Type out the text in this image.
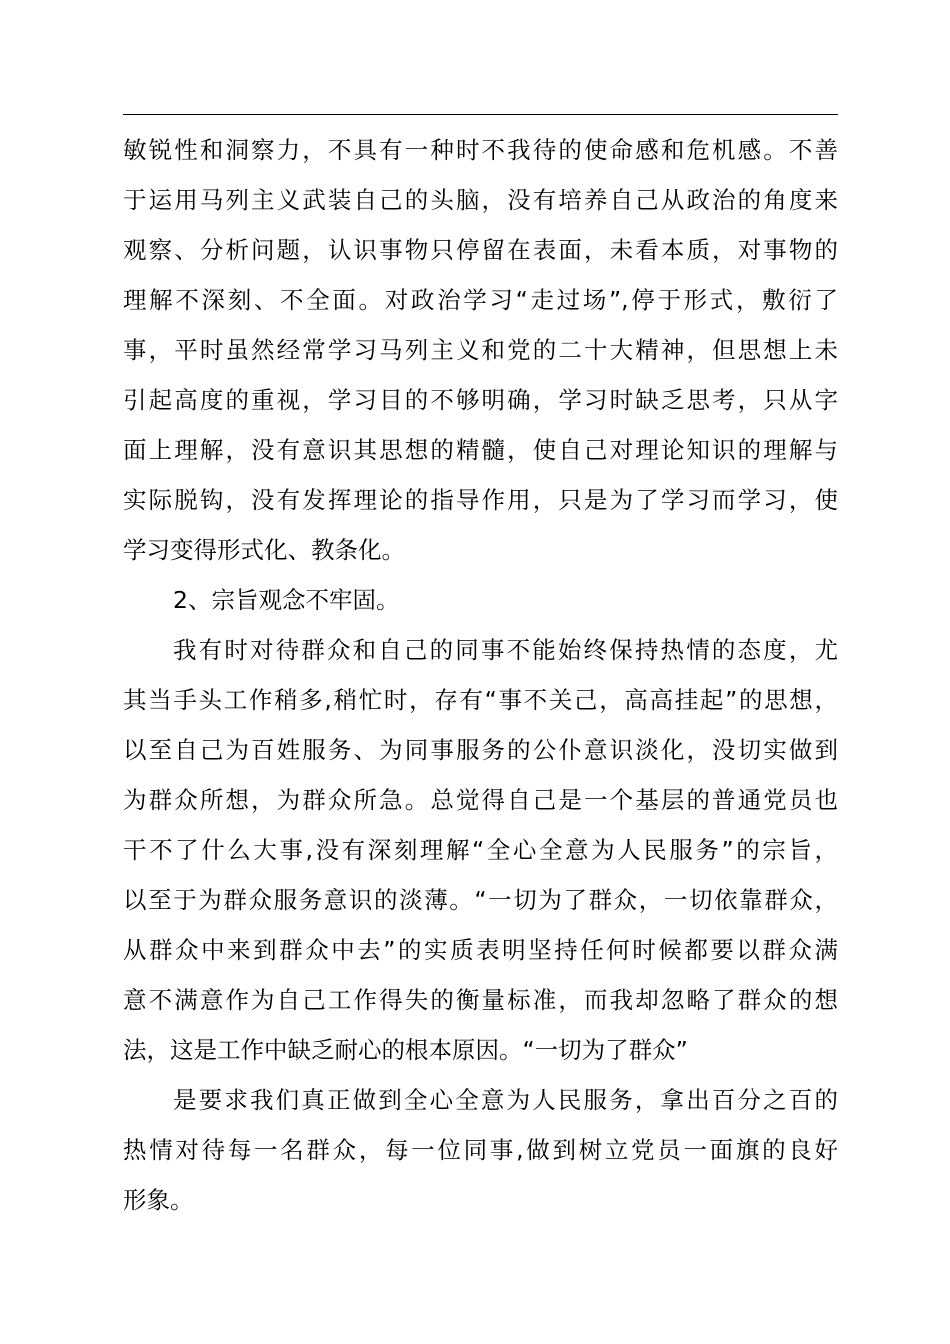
敏锐性和洞察力，不具有一种时不我待的使命感和危机感。不善
于运用马列主义武装自己的头脑，没有培养自己从政治的角度来
观察、分析问题，认识事物只停留在表面，未看本质，对事物的
理解不深刻、不全面。对政治学习“走过场”,停于形式，敷衍了
事，平时虽然经常学习马列主义和党的二十大精神，但思想上未
引起高度的重视，学习目的不够明确，学习时缺乏思考，只从字
面上理解，没有意识其思想的精髓，使自己对理论知识的理解与
实际脱钩，没有发挥理论的指导作用，只是为了学习而学习，使
学习变得形式化、教条化。
2、宗旨观念不牢固。
我有时对待群众和自己的同事不能始终保持热情的态度，尤
其当手头工作稍多,稍忙时，存有“事不关己，高高挂起”的思想，
以至自己为百姓服务、为同事服务的公仆意识淡化，没切实做到
为群众所想，为群众所急。总觉得自己是一个基层的普通党员也
干不了什么大事,没有深刻理解“全心全意为人民服务”的宗旨，
以至于为群众服务意识的淡薄。“一切为了群众，一切依靠群众，
从群众中来到群众中去”的实质表明坚持任何时候都要以群众满
意不满意作为自己工作得失的衡量标准，而我却忽略了群众的想
法，这是工作中缺乏耐心的根本原因。“一切为了群众”
是要求我们真正做到全心全意为人民服务，拿出百分之百的
热情对待每一名群众，每一位同事,做到树立党员一面旗的良好
形象。
